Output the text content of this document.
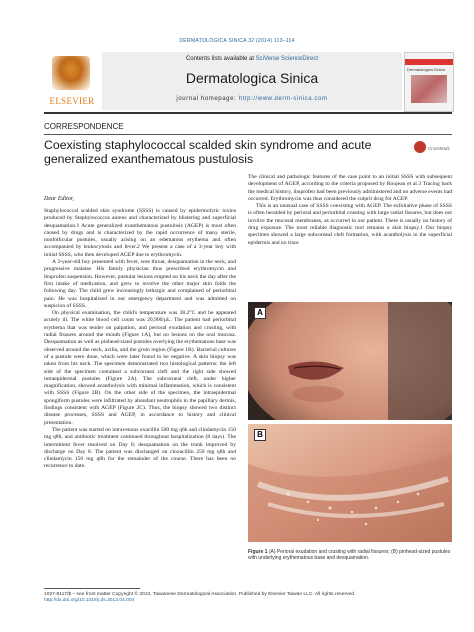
DERMATOLOGICA SINICA 32 (2014) 113–114
ELSEVIER
Contents lists available at SciVerse ScienceDirect
Dermatologica Sinica
journal homepage: http://www.derm-sinica.com
Dermatologica Sinica
CORRESPONDENCE
Coexisting staphylococcal scalded skin syndrome and acute generalized exanthematous pustulosis
CrossMark
Dear Editor,

Staphylococcal scalded skin syndrome (SSSS) is caused by epidermolytic toxins produced by Staphylococcus aureus and characterized by blistering and superficial desquamation.1 Acute generalized exanthematous pustulosis (AGEP) is most often caused by drugs and is characterized by the rapid occurrence of many sterile, nonfollicular pustules, usually arising on an edematous erythema and often accompanied by leukocytosis and fever.2 We present a case of a 3-year boy with initial SSSS, who then developed AGEP due to erythromycin.

A 3-year-old boy presented with fever, sore throat, desquamation in the neck, and progressive malaise. His family physician thus prescribed erythromycin and ibuprofen suspension. However, pustular lesions erupted on his neck the day after the first intake of medication, and grew to involve the other major skin folds the following day. The child grew increasingly lethargic and complained of periorbital pain. He was hospitalized in our emergency department and was admitted on suspicion of SSSS.

On physical examination, the child's temperature was 38.2°C and he appeared acutely ill. The white blood cell count was 20,900/μL. The patient had periorbital erythema that was tender on palpation, and perioral exudation and crusting, with radial fissures around the mouth (Figure 1A), but no lesions on the oral mucosa. Desquamation as well as pinhead-sized pustules overlying the erythematous base was observed around the neck, axilla, and the groin region (Figure 1B). Bacterial cultures of a pustule were done, which were later found to be negative. A skin biopsy was taken from his neck. The specimen demonstrated two histological patterns: the left side of the specimen contained a subcorneal cleft and the right side showed intraepidermal pustules (Figure 2A). The subcorneal cleft, under higher magnification, showed acantholysis with minimal inflammation, which is consistent with SSSS (Figure 2B). On the other side of the specimen, the intraepidermal spongiform pustules were infiltrated by abundant neutrophils in the papillary dermis, findings consistent with AGEP (Figure 2C). Thus, the biopsy showed two distinct disease processes, SSSS and AGEP, in accordance to history and clinical presentation.

The patient was started on intravenous oxacillin 500 mg q6h and clindamycin 150 mg q8h, and antibiotic treatment continued throughout hospitalization (8 days). The intermittent fever resolved on Day 6; desquamation on the trunk improved by discharge on Day 8. The patient was discharged on cloxacillin 250 mg q8h and clindamycin 150 mg q8h for the remainder of the course. There has been no recurrence to date.

The clinical and pathologic features of the case point to an initial SSSS with subsequent development of AGEP, according to the criteria proposed by Roujeau et al.3 Tracing back the medical history, ibuprofen had been previously administered and no adverse events had occurred. Erythromycin was thus considered the culprit drug for AGEP.

This is an unusual case of SSSS coexisting with AGEP. The exfoliative phase of SSSS is often heralded by perioral and periorbital crusting with large radial fissures, but does not involve the mucosal membranes, as occurred in our patient. There is usually no history of drug exposure. The most reliable diagnostic tool remains a skin biopsy.1 Our biopsy specimen showed a large subcorneal cleft formation, with acantholysis in the superficial epidermis and no trace

A
B
Figure 1 (A) Perioral exudation and crusting with radial fissures; (B) pinhead-sized pustules with underlying erythematous base and desquamation.
1027-8117/$ – see front matter Copyright © 2013, Taiwanese Dermatological Association. Published by Elsevier Taiwan LLC. All rights reserved.
http://dx.doi.org/10.1016/j.ds.2013.04.004
